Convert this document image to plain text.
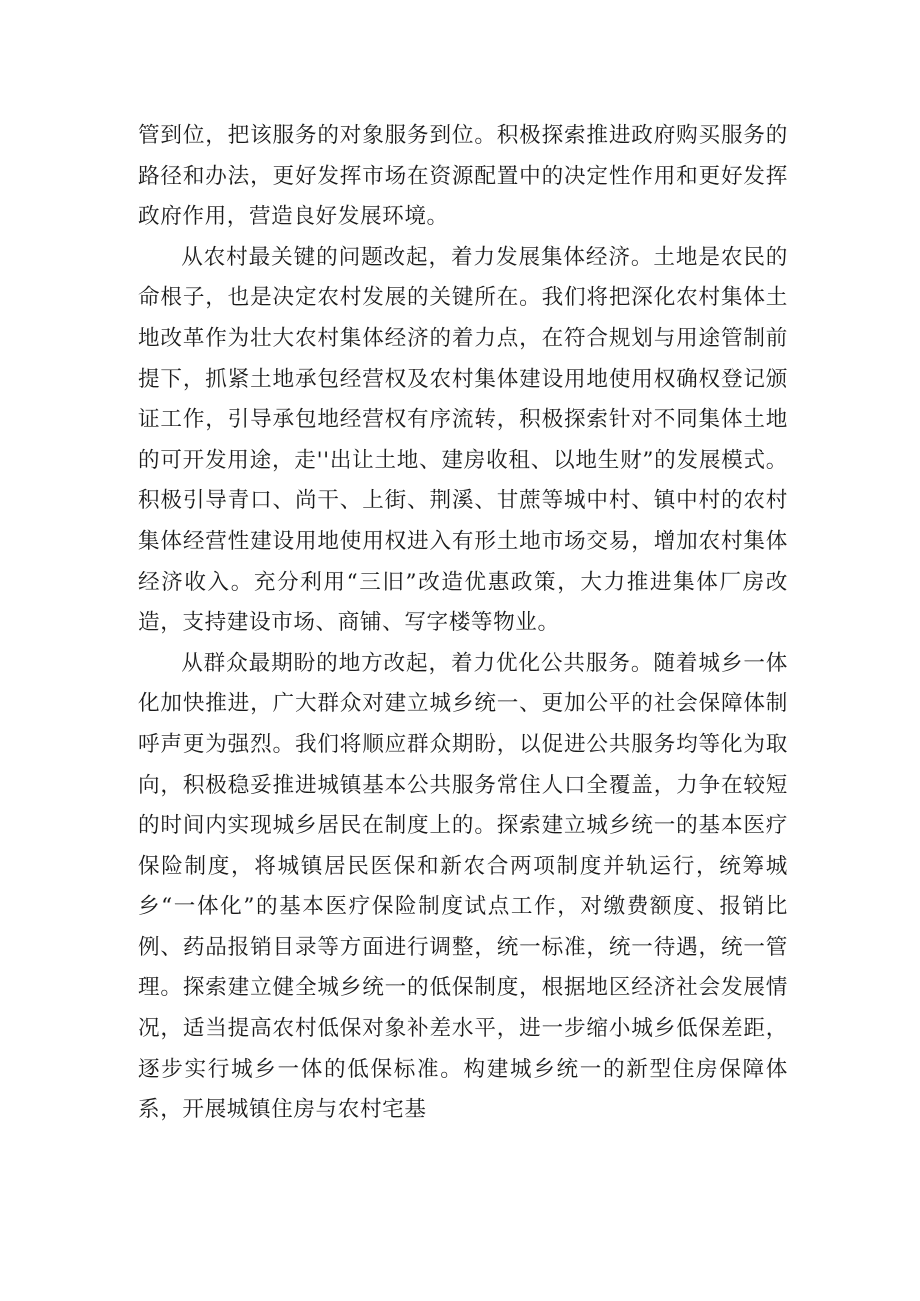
管到位，把该服务的对象服务到位。积极探索推进政府购买服务的路径和办法，更好发挥市场在资源配置中的决定性作用和更好发挥政府作用，营造良好发展环境。

从农村最关键的问题改起，着力发展集体经济。土地是农民的命根子，也是决定农村发展的关键所在。我们将把深化农村集体土地改革作为壮大农村集体经济的着力点，在符合规划与用途管制前提下，抓紧土地承包经营权及农村集体建设用地使用权确权登记颁证工作，引导承包地经营权有序流转，积极探索针对不同集体土地的可开发用途，走''出让土地、建房收租、以地生财”的发展模式。积极引导青口、尚干、上街、荆溪、甘蔗等城中村、镇中村的农村集体经营性建设用地使用权进入有形土地市场交易，增加农村集体经济收入。充分利用“三旧”改造优惠政策，大力推进集体厂房改造，支持建设市场、商铺、写字楼等物业。

从群众最期盼的地方改起，着力优化公共服务。随着城乡一体化加快推进，广大群众对建立城乡统一、更加公平的社会保障体制呼声更为强烈。我们将顺应群众期盼，以促进公共服务均等化为取向，积极稳妥推进城镇基本公共服务常住人口全覆盖，力争在较短的时间内实现城乡居民在制度上的。探索建立城乡统一的基本医疗保险制度，将城镇居民医保和新农合两项制度并轨运行，统筹城乡“一体化”的基本医疗保险制度试点工作，对缴费额度、报销比例、药品报销目录等方面进行调整，统一标准，统一待遇，统一管理。探索建立健全城乡统一的低保制度，根据地区经济社会发展情况，适当提高农村低保对象补差水平，进一步缩小城乡低保差距，逐步实行城乡一体的低保标准。构建城乡统一的新型住房保障体系，开展城镇住房与农村宅基
